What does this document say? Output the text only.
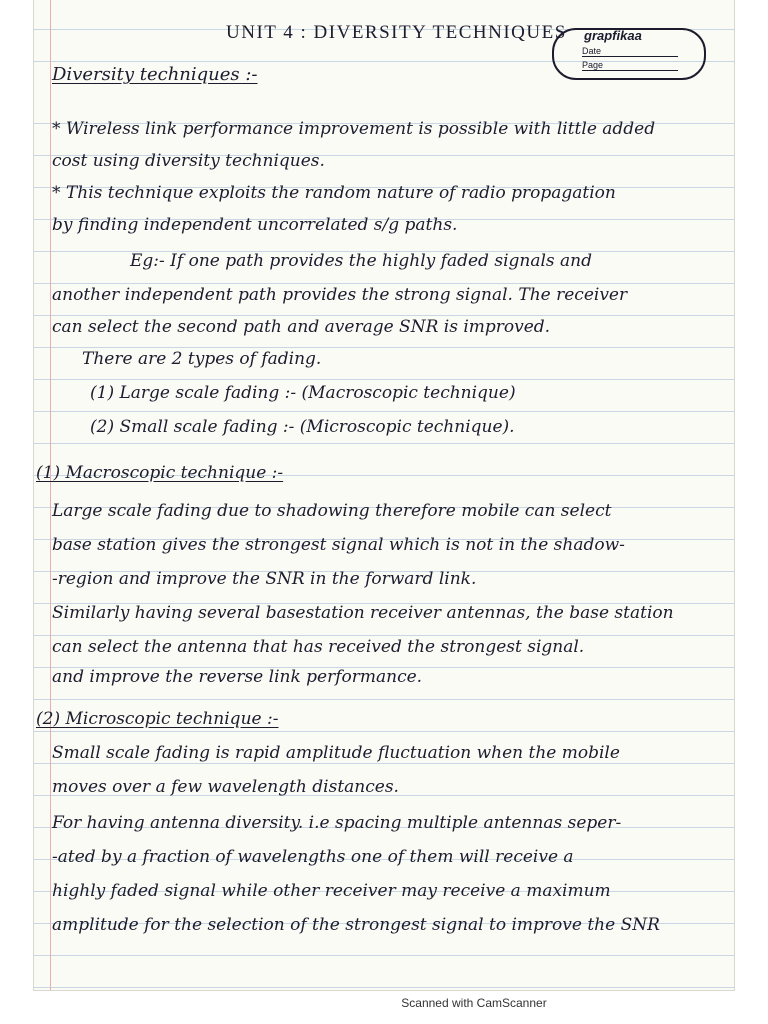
UNIT 4 : DIVERSITY TECHNIQUES grapfikaa
Date
Page
Diversity techniques :-
* Wireless link performance improvement is possible with little added
cost using diversity techniques.
* This technique exploits the random nature of radio propagation
by finding independent uncorrelated s/g paths.
Eg:- If one path provides the highly faded signals and
another independent path provides the strong signal. The receiver
can select the second path and average SNR is improved.
There are 2 types of fading.
(1) Large scale fading :- (Macroscopic technique)
(2) Small scale fading :- (Microscopic technique).
(1) Macroscopic technique :-
Large scale fading due to shadowing therefore mobile can select
base station gives the strongest signal which is not in the shadow-
-region and improve the SNR in the forward link.
Similarly having several basestation receiver antennas, the base station
can select the antenna that has received the strongest signal.
and improve the reverse link performance.
(2) Microscopic technique :-
Small scale fading is rapid amplitude fluctuation when the mobile
moves over a few wavelength distances.
For having antenna diversity. i.e spacing multiple antennas seper-
-ated by a fraction of wavelengths one of them will receive a
highly faded signal while other receiver may receive a maximum
amplitude for the selection of the strongest signal to improve the SNR
Scanned with CamScanner
